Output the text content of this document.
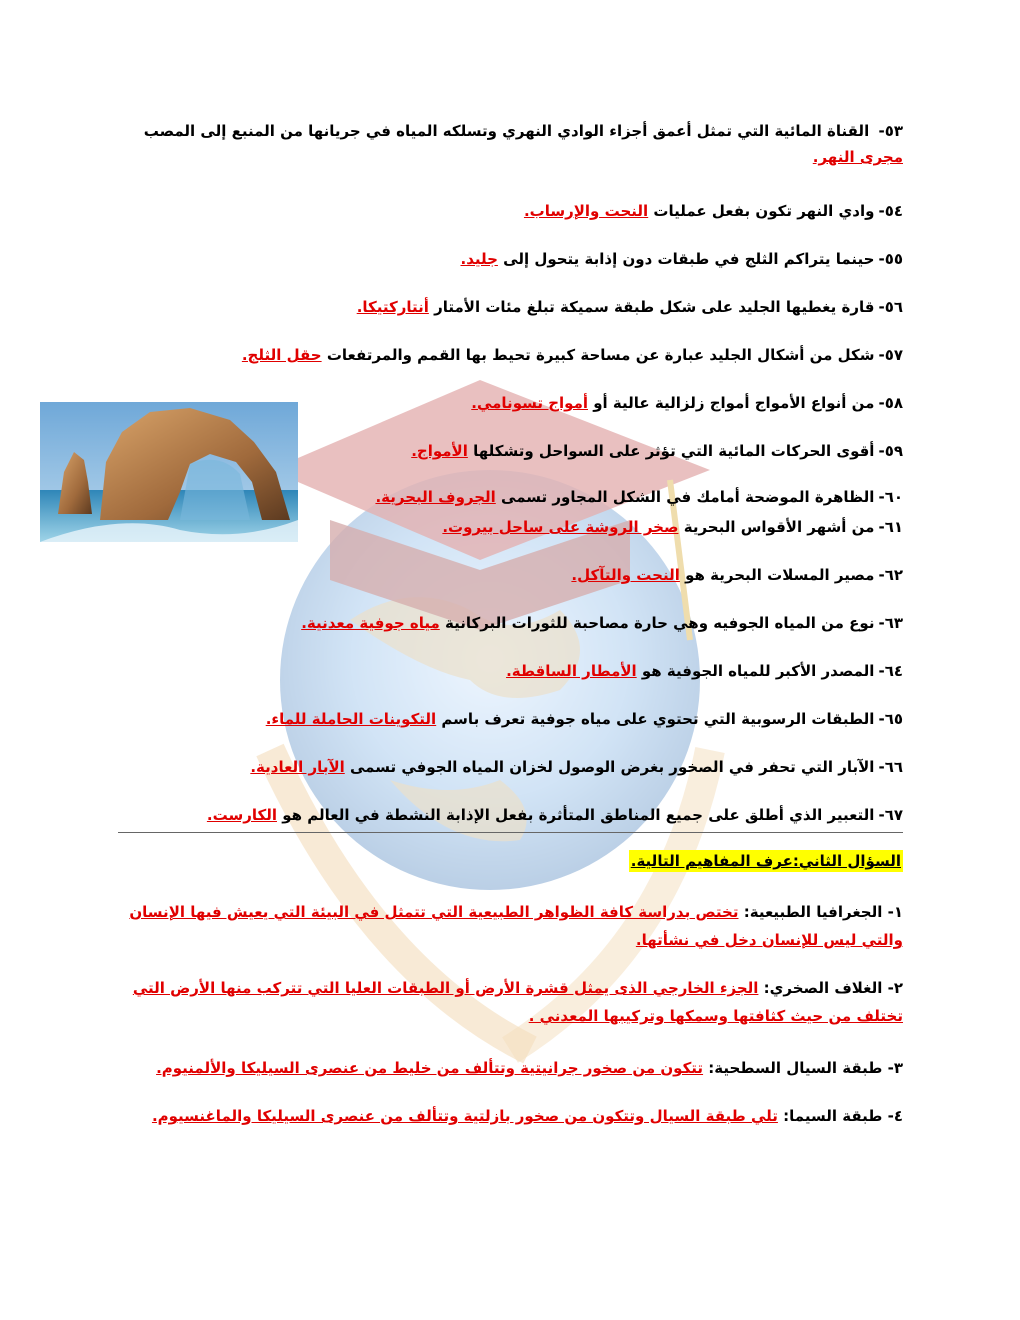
٥٣- القناة المائية التي تمثل أعمق أجزاء الوادي النهري وتسلكه المياه في جريانها من المنبع إلى المصب مجرى النهر.
٥٤-وادي النهر تكون بفعل عمليات النحت والإرساب.
٥٥-حينما يتراكم الثلج في طبقات دون إذابة يتحول إلى جليد.
٥٦-قارة يغطيها الجليد على شكل طبقة سميكة تبلغ مئات الأمتار أنتاركتيكا.
٥٧-شكل من أشكال الجليد عبارة عن مساحة كبيرة تحيط بها القمم والمرتفعات حقل الثلج.
٥٨-من أنواع الأمواج أمواج زلزالية عالية أو أمواج تسونامي.
٥٩-أقوى الحركات المائية التي تؤثر على السواحل وتشكلها الأمواج.
٦٠-الظاهرة الموضحة أمامك في الشكل المجاور تسمى الجروف البحرية.
٦١-من أشهر الأقواس البحرية صخر الروشة على ساحل بيروت.
٦٢-مصير المسلات البحرية هو النحت والتآكل.
٦٣-نوع من المياه الجوفيه وهي حارة مصاحبة للثورات البركانية مياه جوفية معدنية.
٦٤-المصدر الأكبر للمياه الجوفية هو الأمطار الساقطة.
٦٥-الطبقات الرسوبية التي تحتوي على مياه جوفية تعرف باسم التكوينات الحاملة للماء.
٦٦-الآبار التي تحفر في الصخور بغرض الوصول لخزان المياه الجوفي تسمى الآبار العادية.
٦٧-التعبير الذي أطلق على جميع المناطق المتأثرة بفعل الإذابة النشطة في العالم هو الكارست.
السؤال الثاني:عرف المفاهيم التالية.
١- الجغرافيا الطبيعية: تختص بدراسة كافة الظواهر الطبيعية التي تتمثل في البيئة التي يعيش فيها الإنسان والتي ليس للإنسان دخل في نشأتها.
٢- الغلاف الصخري: الجزء الخارجي الذى يمثل قشرة الأرض أو الطبقات العليا التي تتركب منها الأرض التي تختلف من حيث كثافتها وسمكها وتركيبها المعدني .
٣- طبقة السيال السطحية: تتكون من صخور جرانيتية وتتألف من خليط من عنصرى السيليكا والألمنيوم.
٤- طبقة السيما: تلي طبقة السيال وتتكون من صخور بازلتية وتتألف من عنصرى السيليكا والماغنسيوم.
